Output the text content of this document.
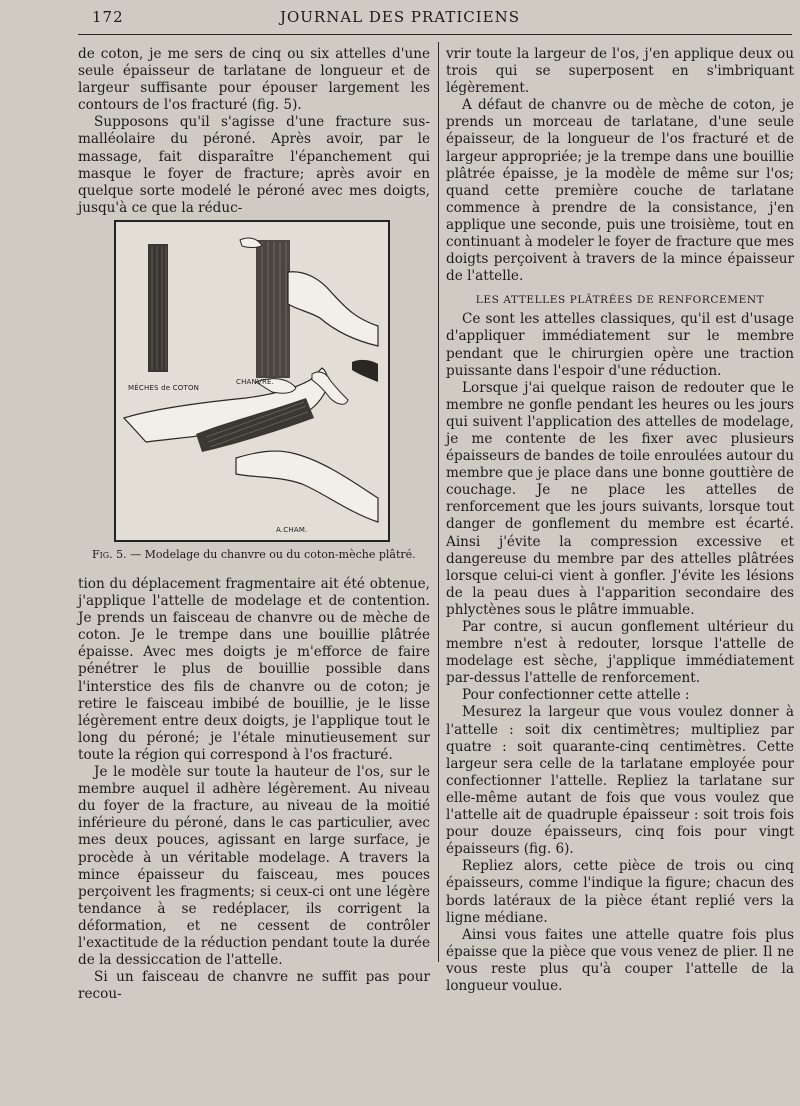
172	JOURNAL DES PRATICIENS

de coton, je me sers de cinq ou six attelles d'une seule épaisseur de tarlatane de longueur et de largeur suffisante pour épouser largement les contours de l'os fracturé (fig. 5).

Supposons qu'il s'agisse d'une fracture sus-malléolaire du péroné. Après avoir, par le massage, fait disparaître l'épanchement qui masque le foyer de fracture; après avoir en quelque sorte modelé le péroné avec mes doigts, jusqu'à ce que la réduc-

MÈCHES de COTON
CHANVRE.
A.CHAM.
Fig. 5. — Modelage du chanvre ou du coton-mèche plâtré.

tion du déplacement fragmentaire ait été obtenue, j'applique l'attelle de modelage et de contention. Je prends un faisceau de chanvre ou de mèche de coton. Je le trempe dans une bouillie plâtrée épaisse. Avec mes doigts je m'efforce de faire pénétrer le plus de bouillie possible dans l'interstice des fils de chanvre ou de coton; je retire le faisceau imbibé de bouillie, je le lisse légèrement entre deux doigts, je l'applique tout le long du péroné; je l'étale minutieusement sur toute la région qui correspond à l'os fracturé.

Je le modèle sur toute la hauteur de l'os, sur le membre auquel il adhère légèrement. Au niveau du foyer de la fracture, au niveau de la moitié inférieure du péroné, dans le cas particulier, avec mes deux pouces, agissant en large surface, je procède à un véritable modelage. A travers la mince épaisseur du faisceau, mes pouces perçoivent les fragments; si ceux-ci ont une légère tendance à se redéplacer, ils corrigent la déformation, et ne cessent de contrôler l'exactitude de la réduction pendant toute la durée de la dessiccation de l'attelle.

Si un faisceau de chanvre ne suffit pas pour recou-

vrir toute la largeur de l'os, j'en applique deux ou trois qui se superposent en s'imbriquant légèrement.

A défaut de chanvre ou de mèche de coton, je prends un morceau de tarlatane, d'une seule épaisseur, de la longueur de l'os fracturé et de largeur appropriée; je la trempe dans une bouillie plâtrée épaisse, je la modèle de même sur l'os; quand cette première couche de tarlatane commence à prendre de la consistance, j'en applique une seconde, puis une troisième, tout en continuant à modeler le foyer de fracture que mes doigts perçoivent à travers de la mince épaisseur de l'attelle.

LES ATTELLES PLÂTRÉES DE RENFORCEMENT

Ce sont les attelles classiques, qu'il est d'usage d'appliquer immédiatement sur le membre pendant que le chirurgien opère une traction puissante dans l'espoir d'une réduction.

Lorsque j'ai quelque raison de redouter que le membre ne gonfle pendant les heures ou les jours qui suivent l'application des attelles de modelage, je me contente de les fixer avec plusieurs épaisseurs de bandes de toile enroulées autour du membre que je place dans une bonne gouttière de couchage. Je ne place les attelles de renforcement que les jours suivants, lorsque tout danger de gonflement du membre est écarté. Ainsi j'évite la compression excessive et dangereuse du membre par des attelles plâtrées lorsque celui-ci vient à gonfler. J'évite les lésions de la peau dues à l'apparition secondaire des phlyctènes sous le plâtre immuable.

Par contre, si aucun gonflement ultérieur du membre n'est à redouter, lorsque l'attelle de modelage est sèche, j'applique immédiatement par-dessus l'attelle de renforcement.

Pour confectionner cette attelle :

Mesurez la largeur que vous voulez donner à l'attelle : soit dix centimètres; multipliez par quatre : soit quarante-cinq centimètres. Cette largeur sera celle de la tarlatane employée pour confectionner l'attelle. Repliez la tarlatane sur elle-même autant de fois que vous voulez que l'attelle ait de quadruple épaisseur : soit trois fois pour douze épaisseurs, cinq fois pour vingt épaisseurs (fig. 6).

Repliez alors, cette pièce de trois ou cinq épaisseurs, comme l'indique la figure; chacun des bords latéraux de la pièce étant replié vers la ligne médiane.

Ainsi vous faites une attelle quatre fois plus épaisse que la pièce que vous venez de plier. Il ne vous reste plus qu'à couper l'attelle de la longueur voulue.
